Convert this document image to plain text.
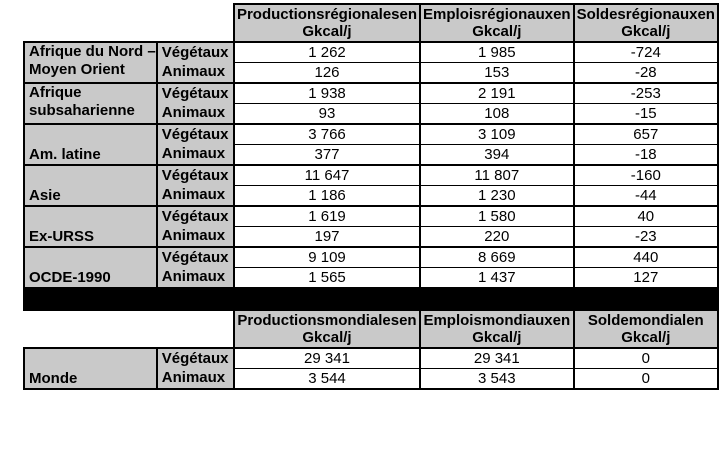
		Productionsrégionalesen Gkcal/j	Emploisrégionauxen Gkcal/j	Soldesrégionauxen Gkcal/j

Afrique du Nord –
Moyen Orient	Végétaux	1 262	1 985	-724
	Animaux	126	153	-28

Afrique
subsaharienne	Végétaux	1 938	2 191	-253
	Animaux	93	108	-15

Am. latine	Végétaux	3 766	3 109	657
	Animaux	377	394	-18

Asie	Végétaux	11 647	11 807	-160
	Animaux	1 186	1 230	-44

Ex-URSS	Végétaux	1 619	1 580	40
	Animaux	197	220	-23

OCDE-1990	Végétaux	9 109	8 669	440
	Animaux	1 565	1 437	127

		Productionsmondialesen Gkcal/j	Emploismondiauxen Gkcal/j	Soldemondialen Gkcal/j

Monde	Végétaux	29 341	29 341	0
	Animaux	3 544	3 543	0
